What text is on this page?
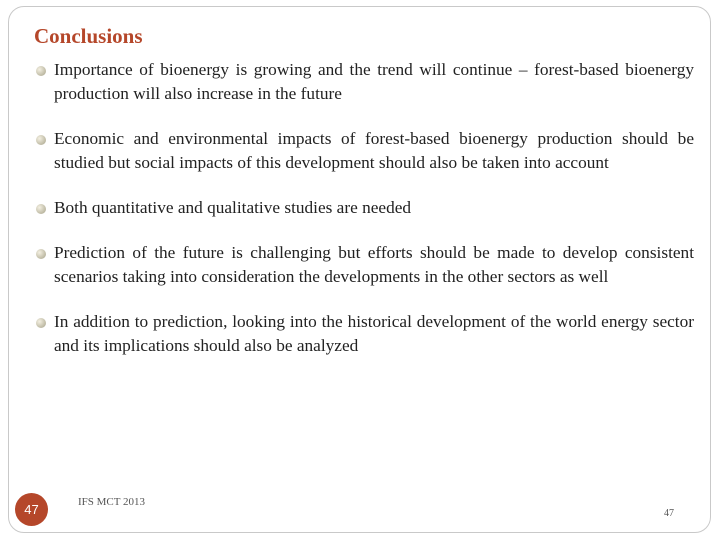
Conclusions
Importance of bioenergy is growing and the trend will continue – forest-based bioenergy production will also increase in the future
Economic and environmental impacts of forest-based bioenergy production should be studied but social impacts of this development should also be taken into account
Both quantitative and qualitative studies are needed
Prediction of the future is challenging but efforts should be made to develop consistent scenarios taking into consideration the developments in the other sectors as well
In addition to prediction, looking into the historical development of the world energy sector and its implications should also be analyzed
47	IFS MCT 2013
47
